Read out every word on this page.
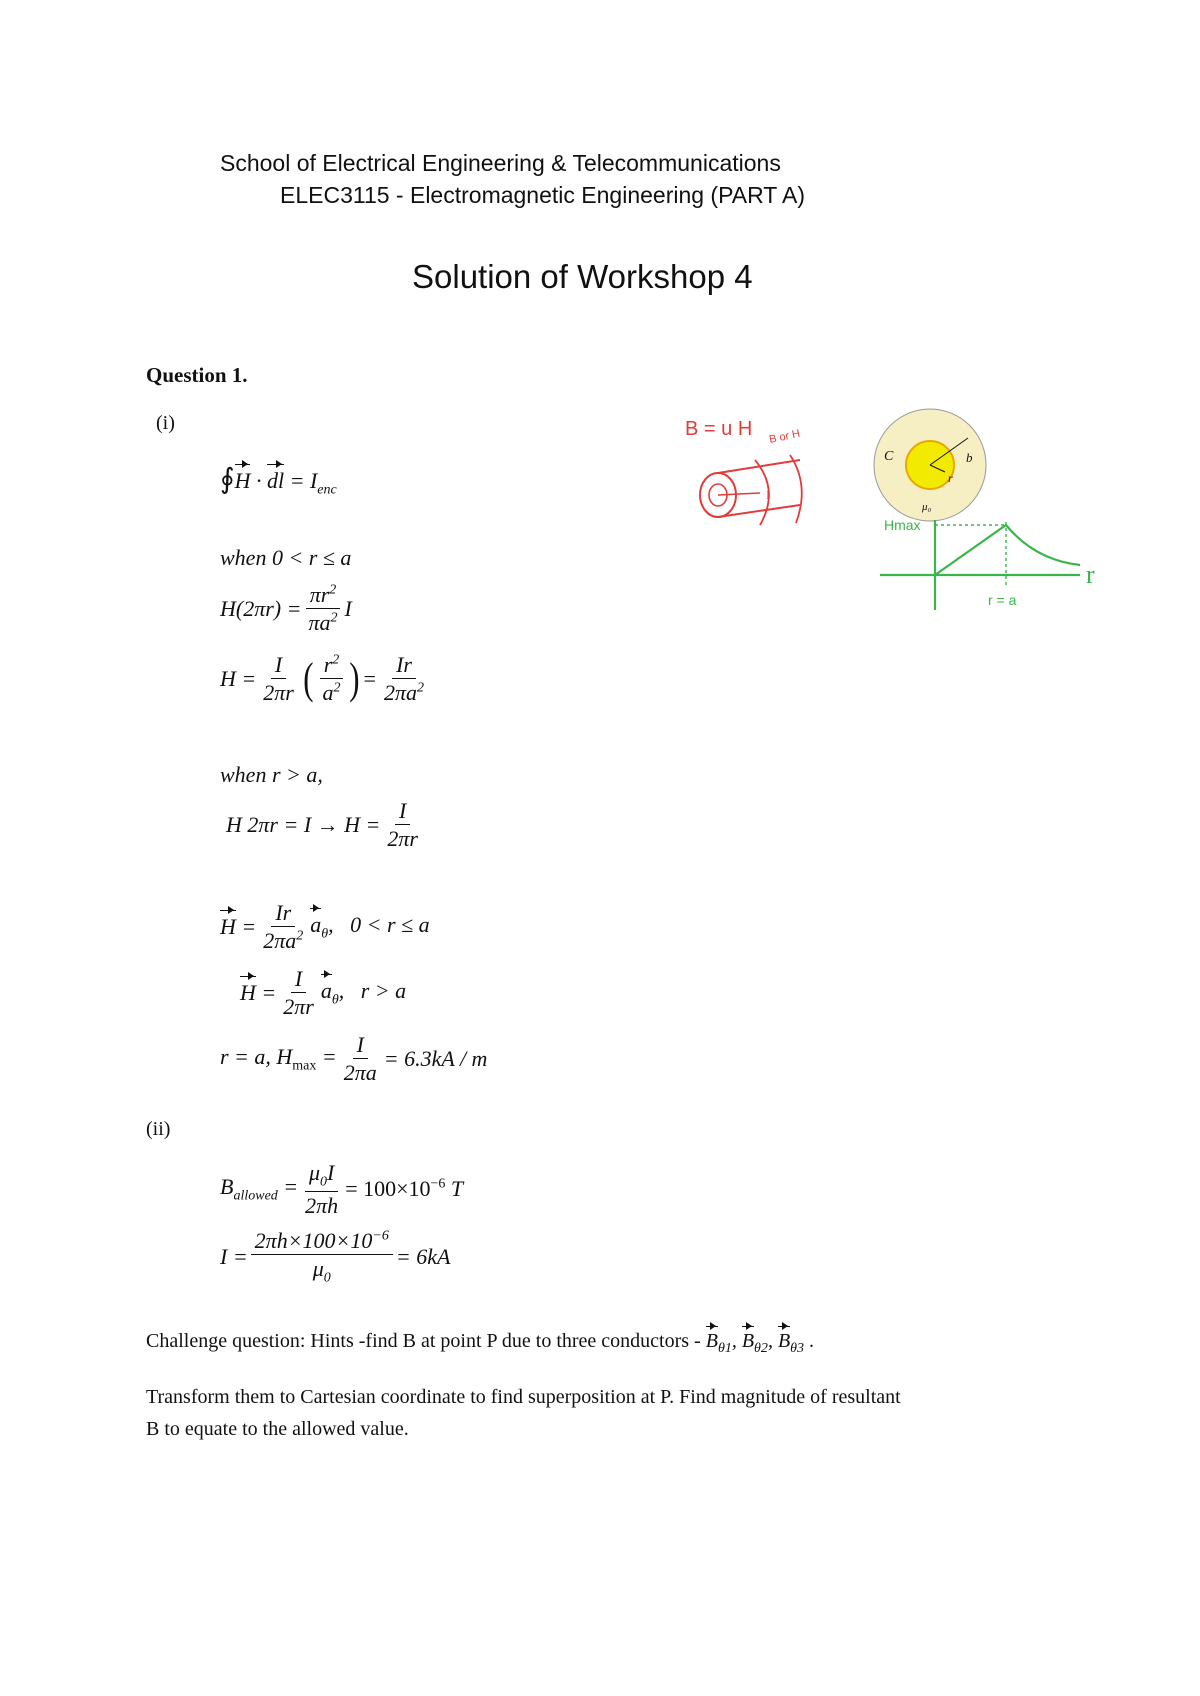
School of Electrical Engineering & Telecommunications
ELEC3115 - Electromagnetic Engineering (PART A)
Solution of Workshop 4
Question 1.
(i)
∮H · dl = $I_{enc}$
when 0 < r ≤ a
$H(2\pi r) = \frac{\pi r^2}{\pi a^2}$ I
$H = \frac{I}{2\pi r}$ ( $\frac{r^2}{a^2}$ ) = $\frac{Ir}{2\pi a^2}$
when r > a,
H $2\pi r = I \to H = \frac{I}{2\pi r}$
$H = \frac{Ir}{2\pi a^2} a_\theta$,   0 < r ≤ a
$H = \frac{I}{2\pi r} a_\theta$,   r > a
r = a, $H_{max} = \frac{I}{2\pi a} = 6.3kA / m$
(ii)
$B_{allowed} = \frac{\mu_0I}{2\pi h} = 100\times 10^{-6}$ T
$I = \frac{2\pi h\times 100\times 10^{-6}}{\mu_0} = 6kA$
Challenge question: Hints -find B at point P due to three conductors - $B_{\theta 1}$, $B_{\theta 2}$, $B_{\theta 3}$ .
Transform them to Cartesian coordinate to find superposition at P. Find magnitude of resultant
B to equate to the allowed value.
B = u H B or H
I
C	b
r
μ₀
Hmax
r
r = a
